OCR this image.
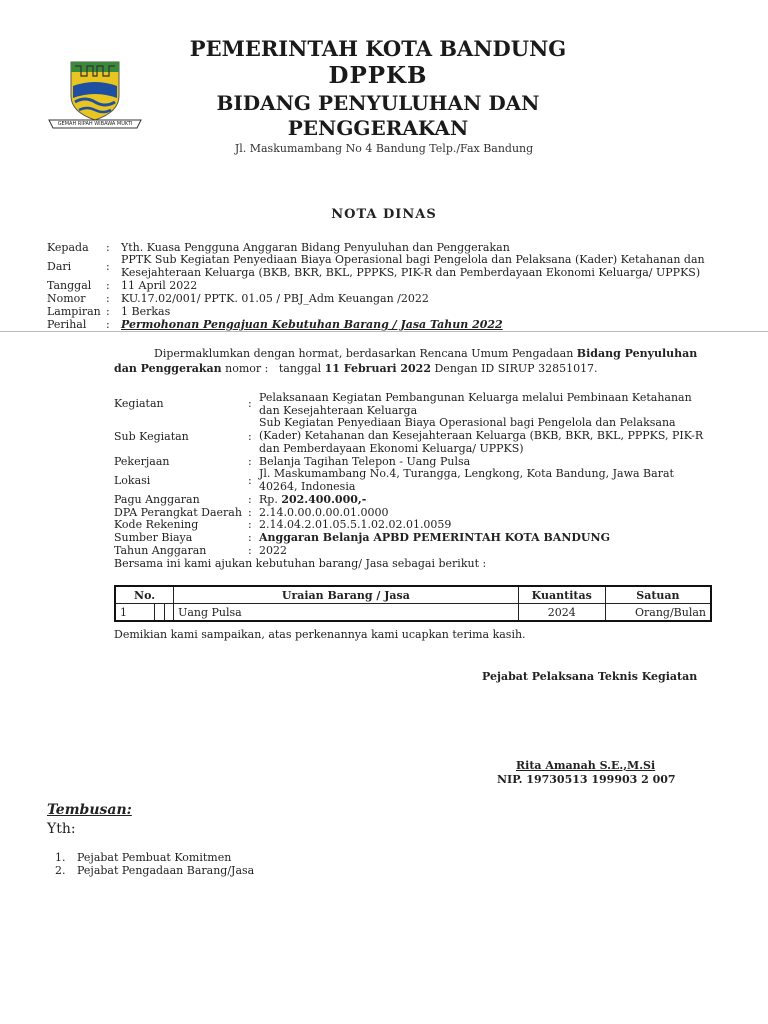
GEMAH RIPAH WIBAWA MUKTI
PEMERINTAH KOTA BANDUNG
DPPKB
BIDANG PENYULUHAN DAN
PENGGERAKAN
Jl. Maskumambang No 4 Bandung Telp./Fax Bandung
NOTA DINAS
Kepada : Yth. Kuasa Pengguna Anggaran Bidang Penyuluhan dan Penggerakan
Dari	:
PPTK Sub Kegiatan Penyediaan Biaya Operasional bagi Pengelola dan Pelaksana (Kader) Ketahanan dan
Kesejahteraan Keluarga (BKB, BKR, BKL, PPPKS, PIK-R dan Pemberdayaan Ekonomi Keluarga/ UPPKS)
Tanggal : 11 April 2022
Nomor : KU.17.02/001/ PPTK. 01.05 / PBJ_Adm Keuangan /2022
Lampiran : 1 Berkas
Perihal : Permohonan Pengajuan Kebutuhan Barang / Jasa Tahun 2022
Dipermaklumkan dengan hormat, berdasarkan Rencana Umum Pengadaan Bidang Penyuluhan
dan Penggerakan nomor :   tanggal 11 Februari 2022 Dengan ID SIRUP 32851017.
Kegiatan	: Pelaksanaan Kegiatan Pembangunan Keluarga melalui Pembinaan Ketahanan
dan Kesejahteraan Keluarga
Sub Kegiatan	:
Sub Kegiatan Penyediaan Biaya Operasional bagi Pengelola dan Pelaksana
(Kader) Ketahanan dan Kesejahteraan Keluarga (BKB, BKR, BKL, PPPKS, PIK-R
dan Pemberdayaan Ekonomi Keluarga/ UPPKS)
Pekerjaan	: Belanja Tagihan Telepon - Uang Pulsa
Lokasi	:
Jl. Maskumambang No.4, Turangga, Lengkong, Kota Bandung, Jawa Barat
40264, Indonesia
Pagu Anggaran	: Rp. 202.400.000,-
DPA Perangkat Daerah : 2.14.0.00.0.00.01.0000
Kode Rekening	: 2.14.04.2.01.05.5.1.02.02.01.0059
Sumber Biaya	: Anggaran Belanja APBD PEMERINTAH KOTA BANDUNG
Tahun Anggaran	: 2022
Bersama ini kami ajukan kebutuhan barang/ Jasa sebagai berikut :
No.			Uraian Barang / Jasa	Kuantitas	Satuan
1			Uang Pulsa	2024	Orang/Bulan
Demikian kami sampaikan, atas perkenannya kami ucapkan terima kasih.
Pejabat Pelaksana Teknis Kegiatan
Rita Amanah S.E.,M.Si
NIP. 19730513 199903 2 007
Tembusan:
Yth:
1. Pejabat Pembuat Komitmen
2. Pejabat Pengadaan Barang/Jasa
